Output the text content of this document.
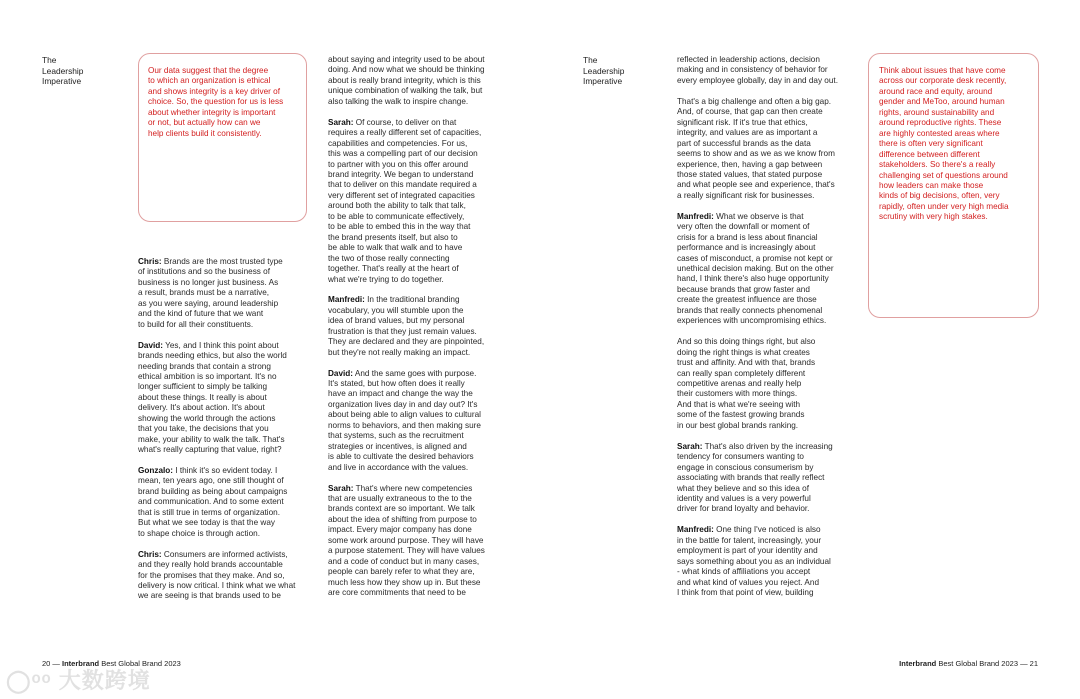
The
Leadership
Imperative
Our data suggest that the degree
to which an organization is ethical
and shows integrity is a key driver of
choice. So, the question for us is less
about whether integrity is important
or not, but actually how can we
help clients build it consistently.

Chris: Brands are the most trusted type
of institutions and so the business of
business is no longer just business. As
a result, brands must be a narrative,
as you were saying, around leadership
and the kind of future that we want
to build for all their constituents.

David: Yes, and I think this point about
brands needing ethics, but also the world
needing brands that contain a strong
ethical ambition is so important. It's no
longer sufficient to simply be talking
about these things. It really is about
delivery. It's about action. It's about
showing the world through the actions
that you take, the decisions that you
make, your ability to walk the talk. That's
what's really capturing that value, right?

Gonzalo: I think it's so evident today. I
mean, ten years ago, one still thought of
brand building as being about campaigns
and communication. And to some extent
that is still true in terms of organization.
But what we see today is that the way
to shape choice is through action.

Chris: Consumers are informed activists,
and they really hold brands accountable
for the promises that they make. And so,
delivery is now critical. I think what we what
we are seeing is that brands used to be

about saying and integrity used to be about
doing. And now what we should be thinking
about is really brand integrity, which is this
unique combination of walking the talk, but
also talking the walk to inspire change.

Sarah: Of course, to deliver on that
requires a really different set of capacities,
capabilities and competencies. For us,
this was a compelling part of our decision
to partner with you on this offer around
brand integrity. We began to understand
that to deliver on this mandate required a
very different set of integrated capacities
around both the ability to talk that talk,
to be able to communicate effectively,
to be able to embed this in the way that
the brand presents itself, but also to
be able to walk that walk and to have
the two of those really connecting
together. That's really at the heart of
what we're trying to do together.

Manfredi: In the traditional branding
vocabulary, you will stumble upon the
idea of brand values, but my personal
frustration is that they just remain values.
They are declared and they are pinpointed,
but they're not really making an impact.

David: And the same goes with purpose.
It's stated, but how often does it really
have an impact and change the way the
organization lives day in and day out? It's
about being able to align values to cultural
norms to behaviors, and then making sure
that systems, such as the recruitment
strategies or incentives, is aligned and
is able to cultivate the desired behaviors
and live in accordance with the values.

Sarah: That's where new competencies
that are usually extraneous to the to the
brands context are so important. We talk
about the idea of shifting from purpose to
impact. Every major company has done
some work around purpose. They will have
a purpose statement. They will have values
and a code of conduct but in many cases,
people can barely refer to what they are,
much less how they show up in. But these
are core commitments that need to be

The
Leadership
Imperative

reflected in leadership actions, decision
making and in consistency of behavior for
every employee globally, day in and day out.

That's a big challenge and often a big gap.
And, of course, that gap can then create
significant risk. If it's true that ethics,
integrity, and values are as important a
part of successful brands as the data
seems to show and as we as we know from
experience, then, having a gap between
those stated values, that stated purpose
and what people see and experience, that's
a really significant risk for businesses.

Manfredi: What we observe is that
very often the downfall or moment of
crisis for a brand is less about financial
performance and is increasingly about
cases of misconduct, a promise not kept or
unethical decision making. But on the other
hand, I think there's also huge opportunity
because brands that grow faster and
create the greatest influence are those
brands that really connects phenomenal
experiences with uncompromising ethics.

And so this doing things right, but also
doing the right things is what creates
trust and affinity. And with that, brands
can really span completely different
competitive arenas and really help
their customers with more things.
And that is what we're seeing with
some of the fastest growing brands
in our best global brands ranking.

Sarah: That's also driven by the increasing
tendency for consumers wanting to
engage in conscious consumerism by
associating with brands that really reflect
what they believe and so this idea of
identity and values is a very powerful
driver for brand loyalty and behavior.

Manfredi: One thing I've noticed is also
in the battle for talent, increasingly, your
employment is part of your identity and
says something about you as an individual
- what kinds of affiliations you accept
and what kind of values you reject. And
I think from that point of view, building

Think about issues that have come
across our corporate desk recently,
around race and equity, around
gender and MeToo, around human
rights, around sustainability and
around reproductive rights. These
are highly contested areas where
there is often very significant
difference between different
stakeholders. So there's a really
challenging set of questions around
how leaders can make those
kinds of big decisions, often, very
rapidly, often under very high media
scrutiny with very high stakes.
20 — Interbrand Best Global Brand 2023	Interbrand Best Global Brand 2023 — 21
◯ᵒᵒ 大数跨境
